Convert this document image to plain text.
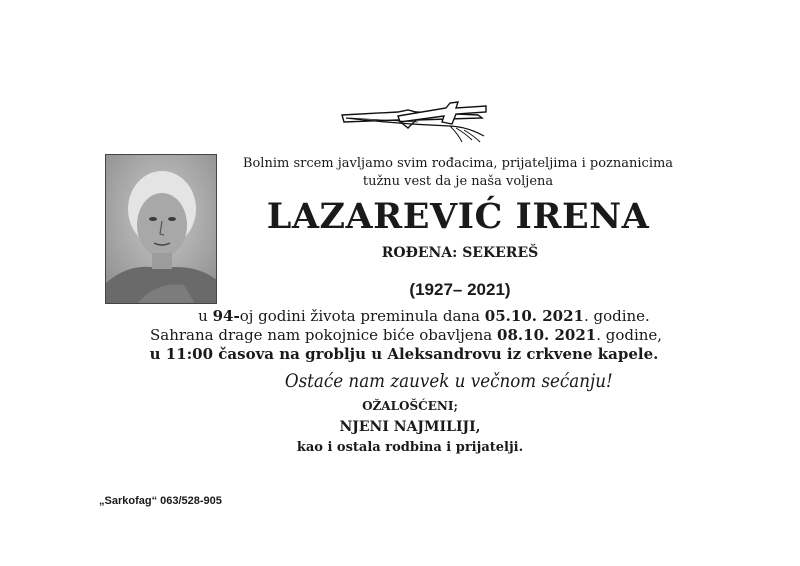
Bolnim srcem javljamo svim rođacima, prijateljima i poznanicima
tužnu vest da je naša voljena
LAZAREVIĆ IRENA
ROĐENA: SEKEREŠ
(1927– 2021)
u 94-oj godini života preminula dana 05.10. 2021. godine.
Sahrana drage nam pokojnice biće obavljena 08.10. 2021. godine,
u 11:00 časova na groblju u Aleksandrovu iz crkvene kapele.
Ostaće nam zauvek u večnom sećanju!
OŽALOŠĆENI;
NJENI NAJMILIJI,
kao i ostala rodbina i prijatelji.
„Sarkofag“ 063/528-905
